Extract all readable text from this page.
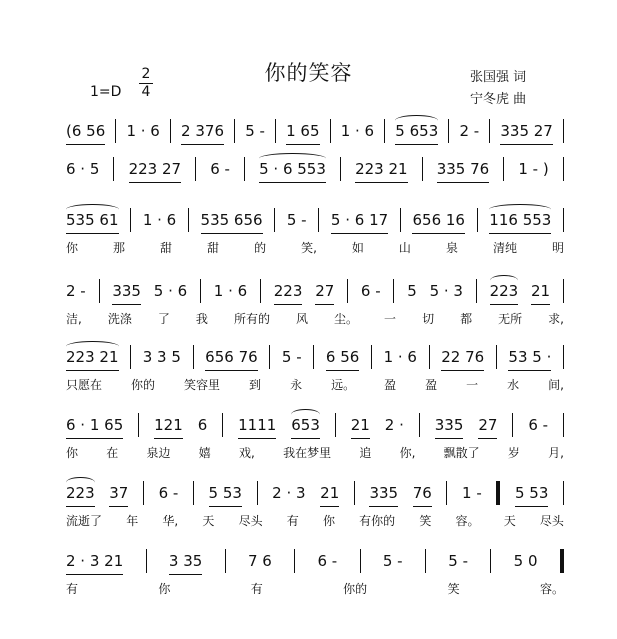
你的笑容	张国强 词
宁冬虎 曲
1=D
2
4
(6 56 1 · 6 2 376 5 - 1 65 1 · 6 5 653 2 - 335 27
6 · 5 223 27 6 - 5 · 6 553 223 21 335 76 1 - )
535 61 1 · 6 535 656 5 - 5 · 6 17 656 16 116 553
你	那	甜	甜	的	笑,	如	山	泉	清纯	明
2 - 335 5 · 6 1 · 6 223 27 6 - 5 5 · 3 223 21
洁, 洗涤 了 我 所有的 风 尘。 一 切 都 无所 求,
223 21 3 3 5 656 76 5 - 6 56 1 · 6 22 76 53 5 ·
只愿在 你的 笑容里 到 永 远。 盈 盈 一 水 间,
6 · 1 65 121 6 1111 653 21 2 · 335 27 6 -
你 在 泉边 嬉 戏, 我在梦里 追 你, 飘散了 岁 月,
223 37 6 - 5 53 2 · 3 21 335 76 1 - 5 53
流逝了 年 华, 天 尽头 有 你 有你的 笑 容。 天 尽头
2 · 3 21	3 35	7 6	6 -	5 -	5 -	5 0
有	你	有	你的	笑	容。
